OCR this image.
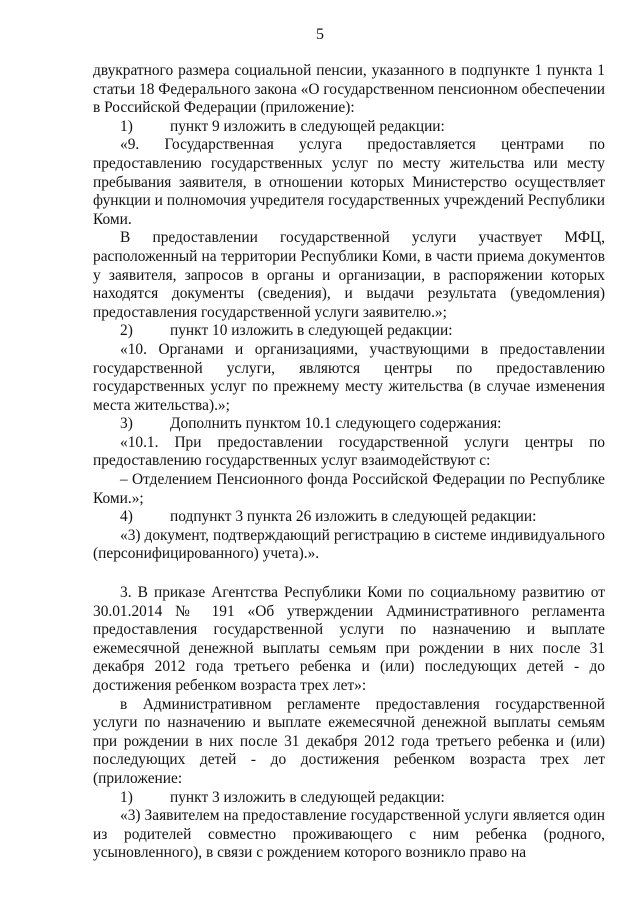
5

двукратного размера социальной пенсии, указанного в подпункте 1 пункта 1 статьи 18 Федерального закона «О государственном пенсионном обеспечении в Российской Федерации (приложение):

1) пункт 9 изложить в следующей редакции:

«9. Государственная услуга предоставляется центрами по предоставлению государственных услуг по месту жительства или месту пребывания заявителя, в отношении которых Министерство осуществляет функции и полномочия учредителя государственных учреждений Республики Коми.

В предоставлении государственной услуги участвует МФЦ, расположенный на территории Республики Коми, в части приема документов у заявителя, запросов в органы и организации, в распоряжении которых находятся документы (сведения), и выдачи результата (уведомления) предоставления государственной услуги заявителю.»;

2) пункт 10 изложить в следующей редакции:

«10. Органами и организациями, участвующими в предоставлении государственной услуги, являются центры по предоставлению государственных услуг по прежнему месту жительства (в случае изменения места жительства).»;

3) Дополнить пунктом 10.1 следующего содержания:

«10.1. При предоставлении государственной услуги центры по предоставлению государственных услуг взаимодействуют с:

– Отделением Пенсионного фонда Российской Федерации по Республике Коми.»;

4) подпункт 3 пункта 26 изложить в следующей редакции:

«3) документ, подтверждающий регистрацию в системе индивидуального (персонифицированного) учета).».

3. В приказе Агентства Республики Коми по социальному развитию от 30.01.2014 № 191 «Об утверждении Административного регламента предоставления государственной услуги по назначению и выплате ежемесячной денежной выплаты семьям при рождении в них после 31 декабря 2012 года третьего ребенка и (или) последующих детей - до достижения ребенком возраста трех лет»:

в Административном регламенте предоставления государственной услуги по назначению и выплате ежемесячной денежной выплаты семьям при рождении в них после 31 декабря 2012 года третьего ребенка и (или) последующих детей - до достижения ребенком возраста трех лет (приложение:

1) пункт 3 изложить в следующей редакции:

«3) Заявителем на предоставление государственной услуги является один из родителей совместно проживающего с ним ребенка (родного, усыновленного), в связи с рождением которого возникло право на
